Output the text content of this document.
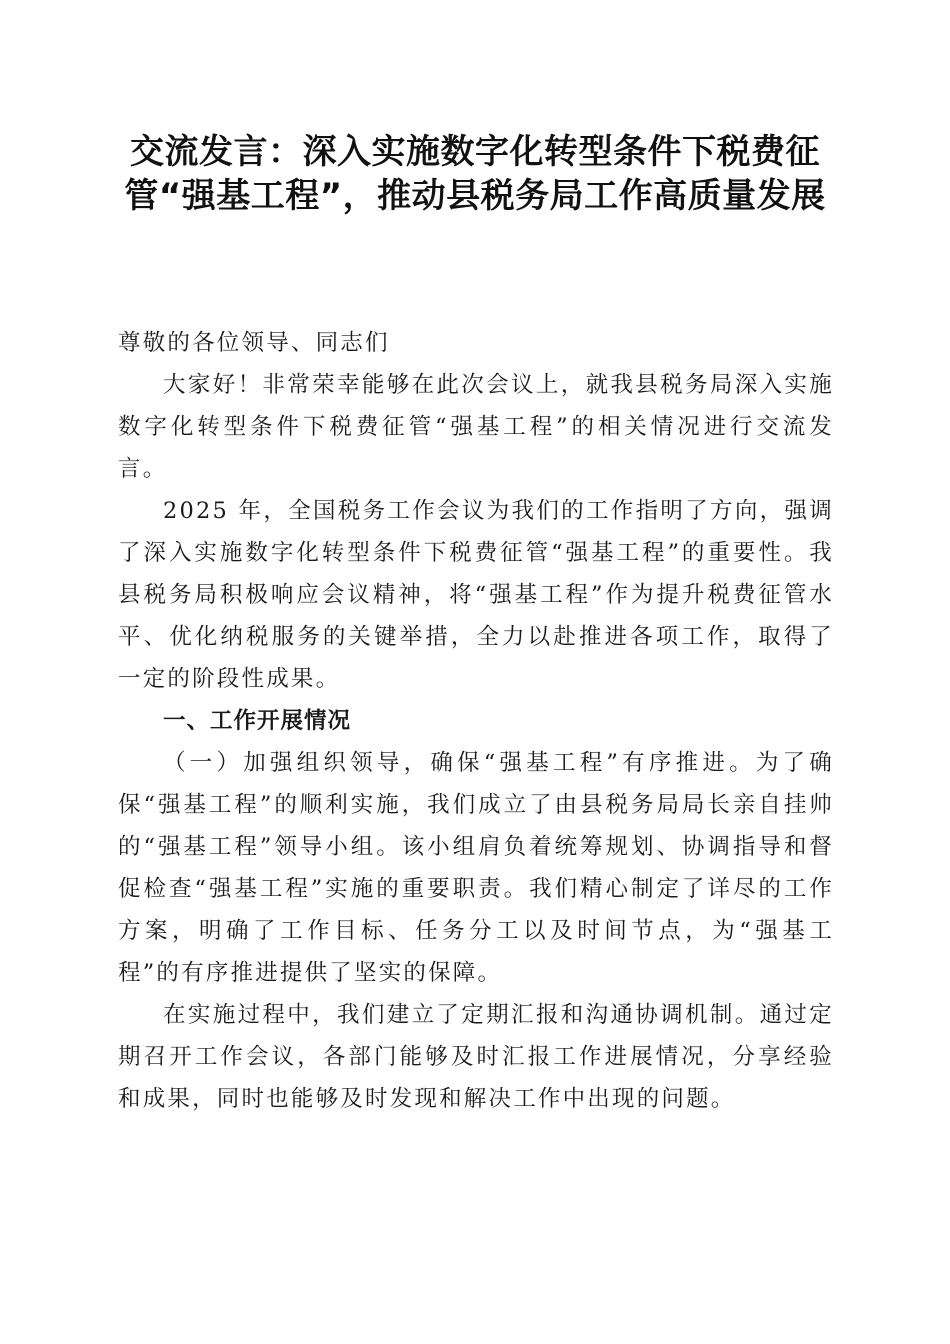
交流发言：深入实施数字化转型条件下税费征管“强基工程”，推动县税务局工作高质量发展

尊敬的各位领导、同志们

大家好！非常荣幸能够在此次会议上，就我县税务局深入实施数字化转型条件下税费征管“强基工程”的相关情况进行交流发言。

2025 年，全国税务工作会议为我们的工作指明了方向，强调了深入实施数字化转型条件下税费征管“强基工程”的重要性。我县税务局积极响应会议精神，将“强基工程”作为提升税费征管水平、优化纳税服务的关键举措，全力以赴推进各项工作，取得了一定的阶段性成果。

一、工作开展情况

（一）加强组织领导，确保“强基工程”有序推进。为了确保“强基工程”的顺利实施，我们成立了由县税务局局长亲自挂帅的“强基工程”领导小组。该小组肩负着统筹规划、协调指导和督促检查“强基工程”实施的重要职责。我们精心制定了详尽的工作方案，明确了工作目标、任务分工以及时间节点，为“强基工程”的有序推进提供了坚实的保障。

在实施过程中，我们建立了定期汇报和沟通协调机制。通过定期召开工作会议，各部门能够及时汇报工作进展情况，分享经验和成果，同时也能够及时发现和解决工作中出现的问题。
